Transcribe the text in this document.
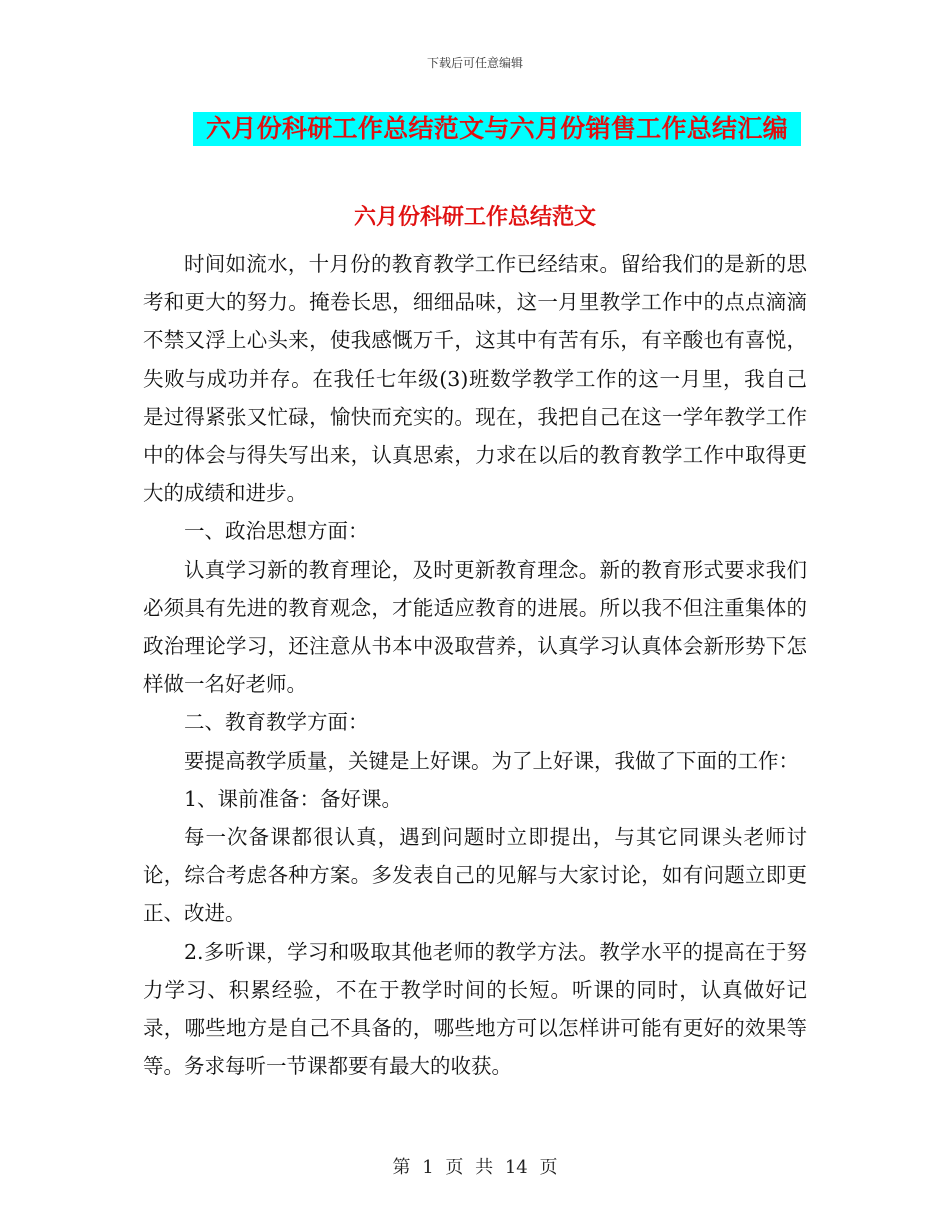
下载后可任意编辑
六月份科研工作总结范文与六月份销售工作总结汇编
六月份科研工作总结范文

时间如流水，十月份的教育教学工作已经结束。留给我们的是新的思考和更大的努力。掩卷长思，细细品味，这一月里教学工作中的点点滴滴不禁又浮上心头来，使我感慨万千，这其中有苦有乐，有辛酸也有喜悦，失败与成功并存。在我任七年级(3)班数学教学工作的这一月里，我自己是过得紧张又忙碌，愉快而充实的。现在，我把自己在这一学年教学工作中的体会与得失写出来，认真思索，力求在以后的教育教学工作中取得更大的成绩和进步。

一、政治思想方面：

认真学习新的教育理论，及时更新教育理念。新的教育形式要求我们必须具有先进的教育观念，才能适应教育的进展。所以我不但注重集体的政治理论学习，还注意从书本中汲取营养，认真学习认真体会新形势下怎样做一名好老师。

二、教育教学方面：

要提高教学质量，关键是上好课。为了上好课，我做了下面的工作：

1、课前准备：备好课。

每一次备课都很认真，遇到问题时立即提出，与其它同课头老师讨论，综合考虑各种方案。多发表自己的见解与大家讨论，如有问题立即更正、改进。

2.多听课，学习和吸取其他老师的教学方法。教学水平的提高在于努力学习、积累经验，不在于教学时间的长短。听课的同时，认真做好记录，哪些地方是自己不具备的，哪些地方可以怎样讲可能有更好的效果等等。务求每听一节课都要有最大的收获。

第 1 页 共 14 页
